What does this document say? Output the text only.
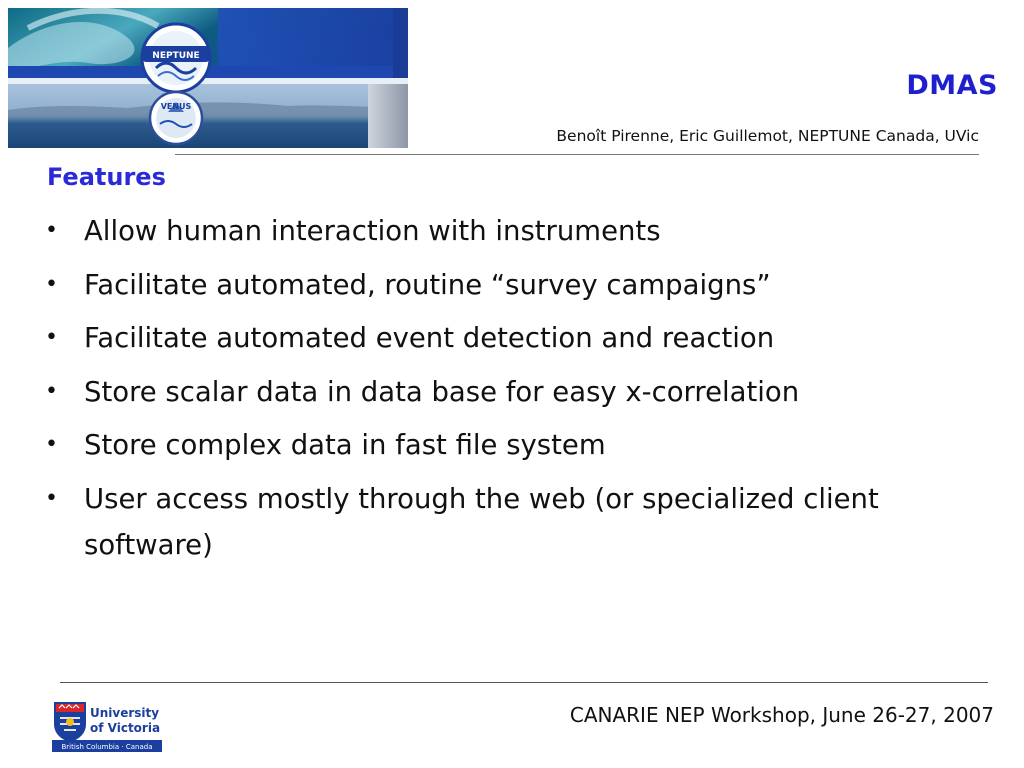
NEPTUNE
VENUS
DMAS
Benoît Pirenne, Eric Guillemot, NEPTUNE Canada, UVic
Features
• Allow human interaction with instruments
• Facilitate automated, routine “survey campaigns”
• Facilitate automated event detection and reaction
• Store scalar data in data base for easy x-correlation
• Store complex data in fast file system
• User access mostly through the web (or specialized client software)
University
of Victoria
British Columbia · Canada
CANARIE NEP Workshop, June 26-27, 2007
